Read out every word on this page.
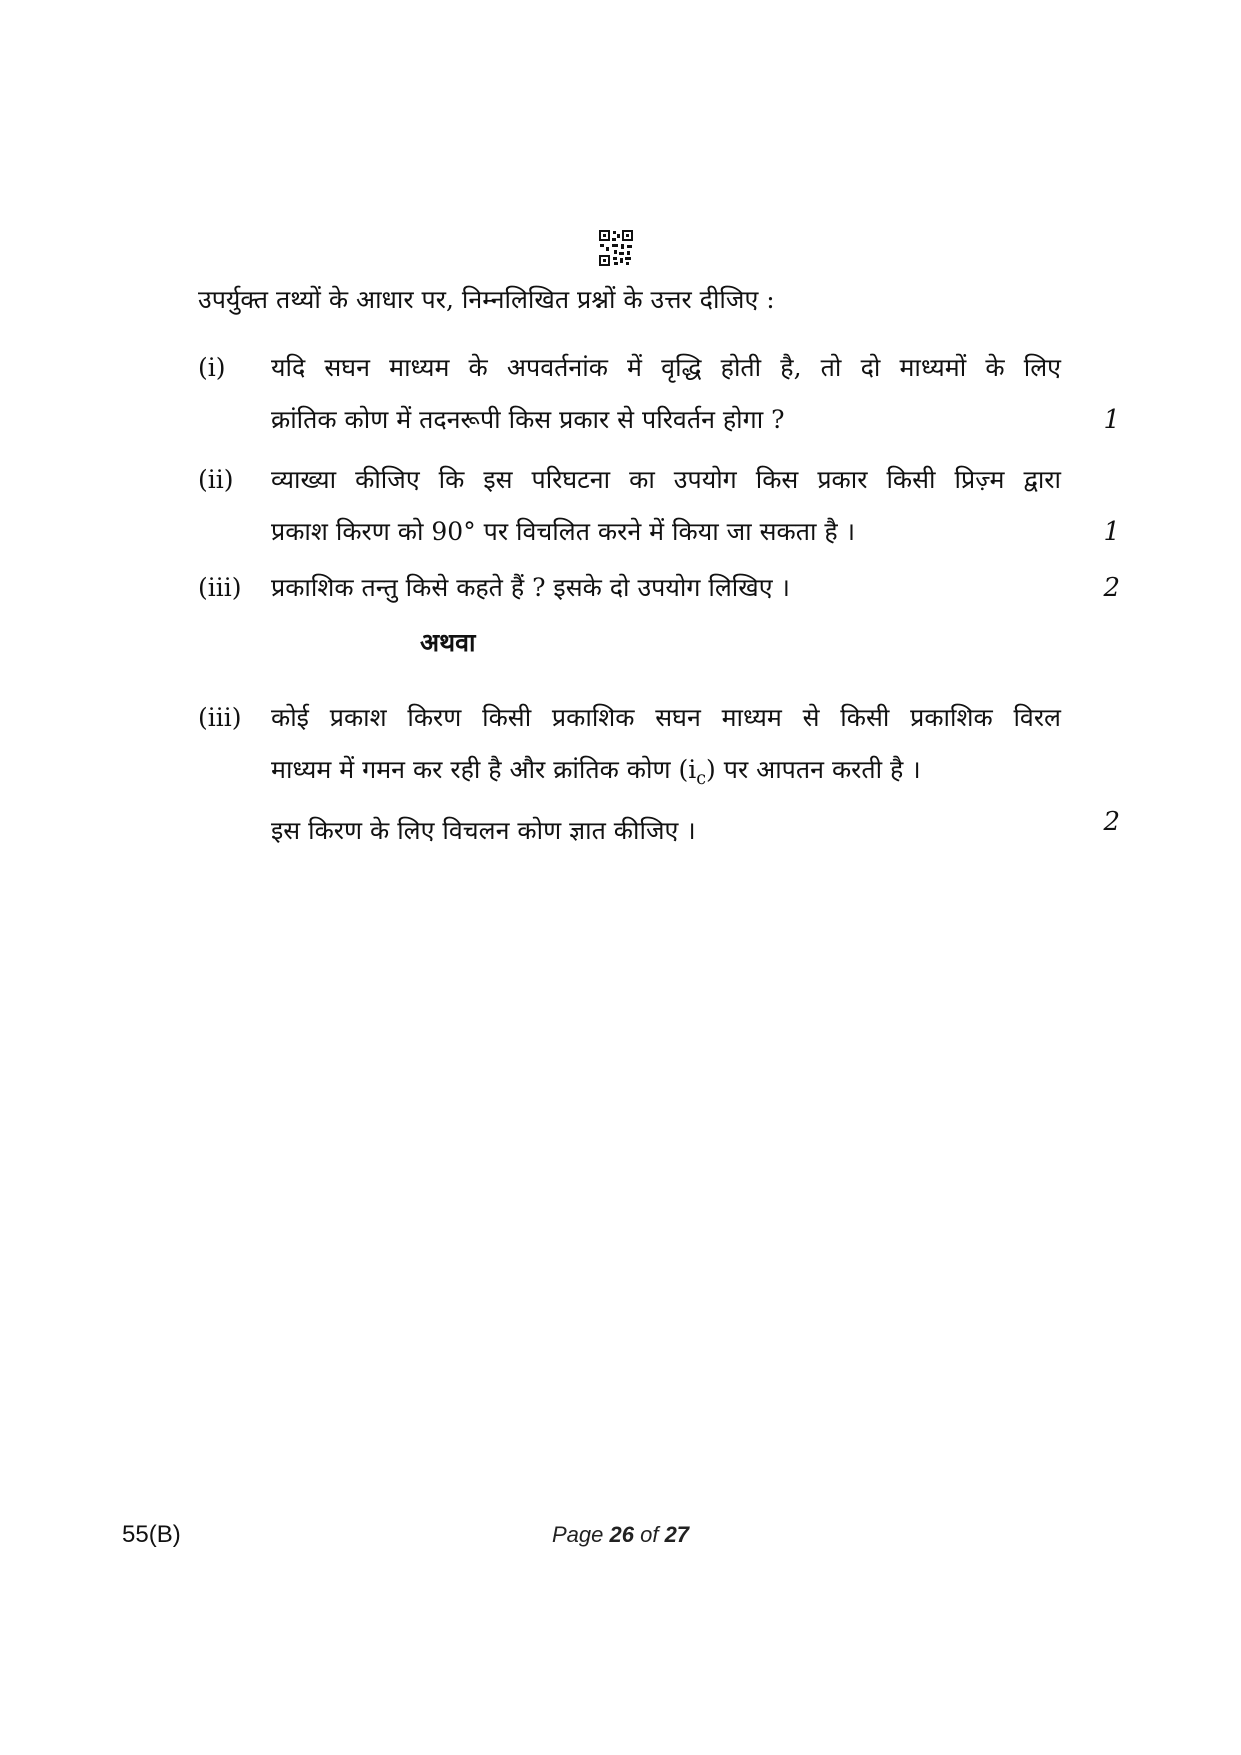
उपर्युक्त तथ्यों के आधार पर, निम्नलिखित प्रश्नों के उत्तर दीजिए :
(i) यदि सघन माध्यम के अपवर्तनांक में वृद्धि होती है, तो दो माध्यमों के लिए
क्रांतिक कोण में तदनरूपी किस प्रकार से परिवर्तन होगा ?	1
(ii) व्याख्या कीजिए कि इस परिघटना का उपयोग किस प्रकार किसी प्रिज़्म द्वारा
प्रकाश किरण को 90° पर विचलित करने में किया जा सकता है ।	1
(iii) प्रकाशिक तन्तु किसे कहते हैं ? इसके दो उपयोग लिखिए ।	2
अथवा
(iii) कोई प्रकाश किरण किसी प्रकाशिक सघन माध्यम से किसी प्रकाशिक विरल
माध्यम में गमन कर रही है और क्रांतिक कोण $(i_c)$ पर आपतन करती है ।
इस किरण के लिए विचलन कोण ज्ञात कीजिए ।	2
55(B)	Page 26 of 27
